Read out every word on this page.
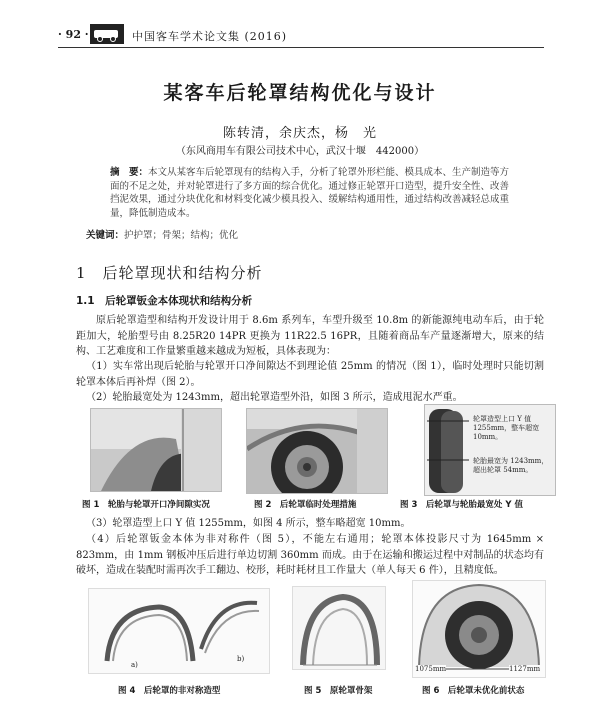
· 92 ·	中国客车学术论文集 (2016)
某客车后轮罩结构优化与设计
陈转清，余庆杰，杨　光
（东风商用车有限公司技术中心，武汉十堰　442000）
摘　要：本文从某客车后轮罩现有的结构入手，分析了轮罩外形栏能、模具成本、生产制造等方面的不足之处，并对轮罩进行了多方面的综合优化。通过修正轮罩开口造型，提升安全性、改善挡泥效果，通过分块优化和材料变化减少模具投入、缓解结构通用性，通过结构改善减轻总成重量，降低制造成本。
关键词：护护罩；骨架；结构；优化
1　后轮罩现状和结构分析
1.1　后轮罩钣金本体现状和结构分析
原后轮罩造型和结构开发设计用于 8.6m 系列车，车型升级至 10.8m 的新能源纯电动车后，由于轮距加大，轮胎型号由 8.25R20 14PR 更换为 11R22.5 16PR，且随着商品车产量逐渐增大，原来的结构、工艺难度和工作量繁重越来越成为短板，具体表现为：
（1）实车常出现后轮胎与轮罩开口净间隙达不到理论值 25mm 的情况（图 1），临时处理时只能切割轮罩本体后再补焊（图 2）。
（2）轮胎最宽处为 1243mm，超出轮罩造型外沿，如图 3 所示，造成甩泥水严重。
轮罩造型上口 Y 值 1255mm，整车超宽 10mm。
轮胎最宽为 1243mm，超出轮罩 54mm。
图 1　轮胎与轮罩开口净间隙实况	图 2　后轮罩临时处理措施	图 3　后轮罩与轮胎最宽处 Y 值
（3）轮罩造型上口 Y 值 1255mm，如图 4 所示，整车略超宽 10mm。
（4）后轮罩钣金本体为非对称件（图 5），不能左右通用；轮罩本体投影尺寸为 1645mm × 823mm，由 1mm 钢板冲压后进行单边切割 360mm 而成。由于在运输和搬运过程中对制品的状态均有破坏，造成在装配时需再次手工翻边、校形，耗时耗材且工作量大（单人每天 6 件），且精度低。
a)
b)
1075mm	1127mm
图 4　后轮罩的非对称造型	图 5　原轮罩骨架	图 6　后轮罩未优化前状态
